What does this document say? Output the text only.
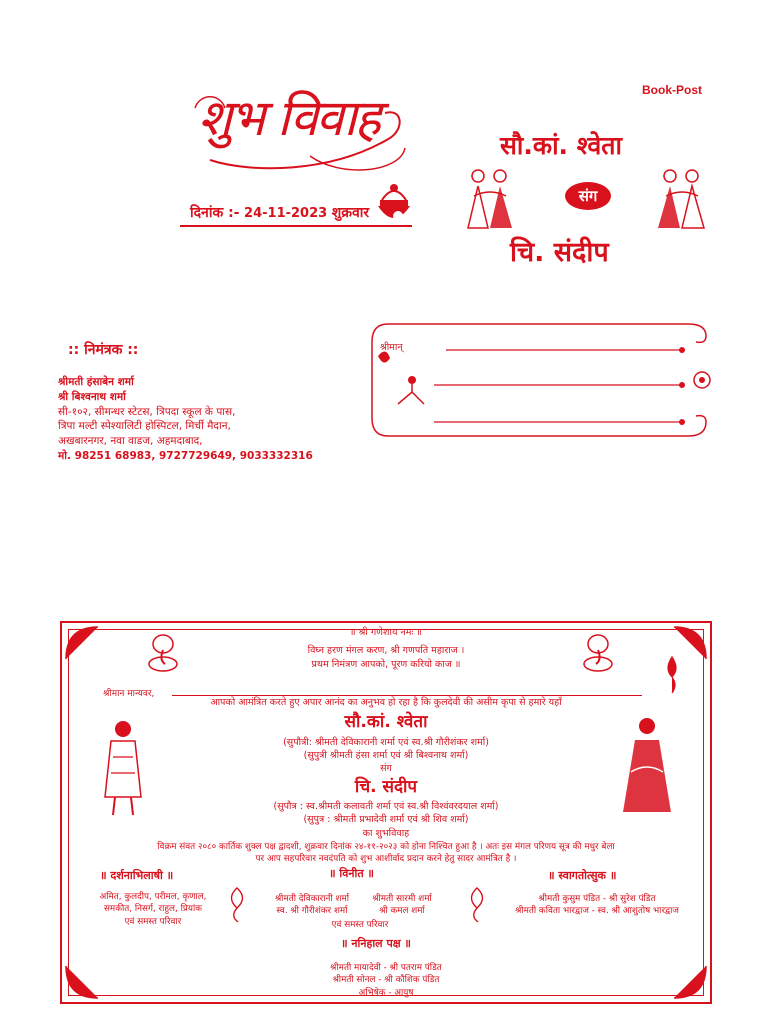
शुभ विवाह
दिनांक :- 24-11-2023 शुक्रवार
Book-Post
सौ.कां. श्वेता
संग
चि. संदीप
:: निमंत्रक ::
श्रीमती हंसाबेन शर्मा
श्री बिश्वनाथ शर्मा
सी-१०२, सीमन्धर स्टेटस, त्रिपदा स्कूल के पास,
त्रिपा मल्टी स्पेश्यालिटी होस्पिटल, मिर्ची मैदान,
अखबारनगर, नवा वाडज, अहमदाबाद,
मो. 98251 68983, 9727729649, 9033332316
श्रीमान्
॥ श्री गणेशाय नमः ॥
विघ्न हरण मंगल करण, श्री गणपति महाराज ।
प्रथम निमंत्रण आपको, पूरण करियो काज ॥
आपको आमंत्रित करते हुए अपार आनंद का अनुभव हो रहा है कि कुलदेवी की असीम कृपा से हमारे यहाँ
सौ.कां. श्वेता
(सुपौत्री: श्रीमती देविकारानी शर्मा एवं स्व.श्री गौरीशंकर शर्मा)
(सुपुत्री श्रीमती हंसा शर्मा एवं श्री बिश्वनाथ शर्मा)
संग
चि. संदीप
(सुपौत्र : स्व.श्रीमती कलावती शर्मा एवं स्व.श्री विश्वंवरदयाल शर्मा)
(सुपुत्र : श्रीमती प्रभादेवी शर्मा एवं श्री शिव शर्मा)
का शुभविवाह
विक्रम संवत २०८० कार्तिक शुक्ल पक्ष द्वादशी, शुक्रवार दिनांक २४-११-२०२३ को होना निश्चित हुआ है । अतः इस मंगल परिणय सूत्र की मधुर बेला
पर आप सहपरिवार नवदंपति को शुभ आशीर्वाद प्रदान करने हेतु सादर आमंत्रित है ।
श्रीमान मान्यवर,
॥ दर्शनाभिलाषी ॥
अमित, कुलदीप, परीमल, कृणाल,
समकीत, निसर्ग, राहुल, प्रियांक
एवं समस्त परिवार
॥ विनीत ॥
श्रीमती देविकारानी शर्मा
स्व. श्री गौरीशंकर शर्मा
श्रीमती सारमी शर्मा
श्री कमल शर्मा
एवं समस्त परिवार
॥ स्वागतोत्सुक ॥
श्रीमती कुसुम पंडित - श्री सुरेश पंडित
श्रीमती कविता भारद्वाज - स्व. श्री आशुतोष भारद्वाज
॥ ननिहाल पक्ष ॥
श्रीमती मायादेवी - श्री पतराम पंडित
श्रीमती सोनल - श्री कौशिक पंडित
अभिषेक - आयुष
